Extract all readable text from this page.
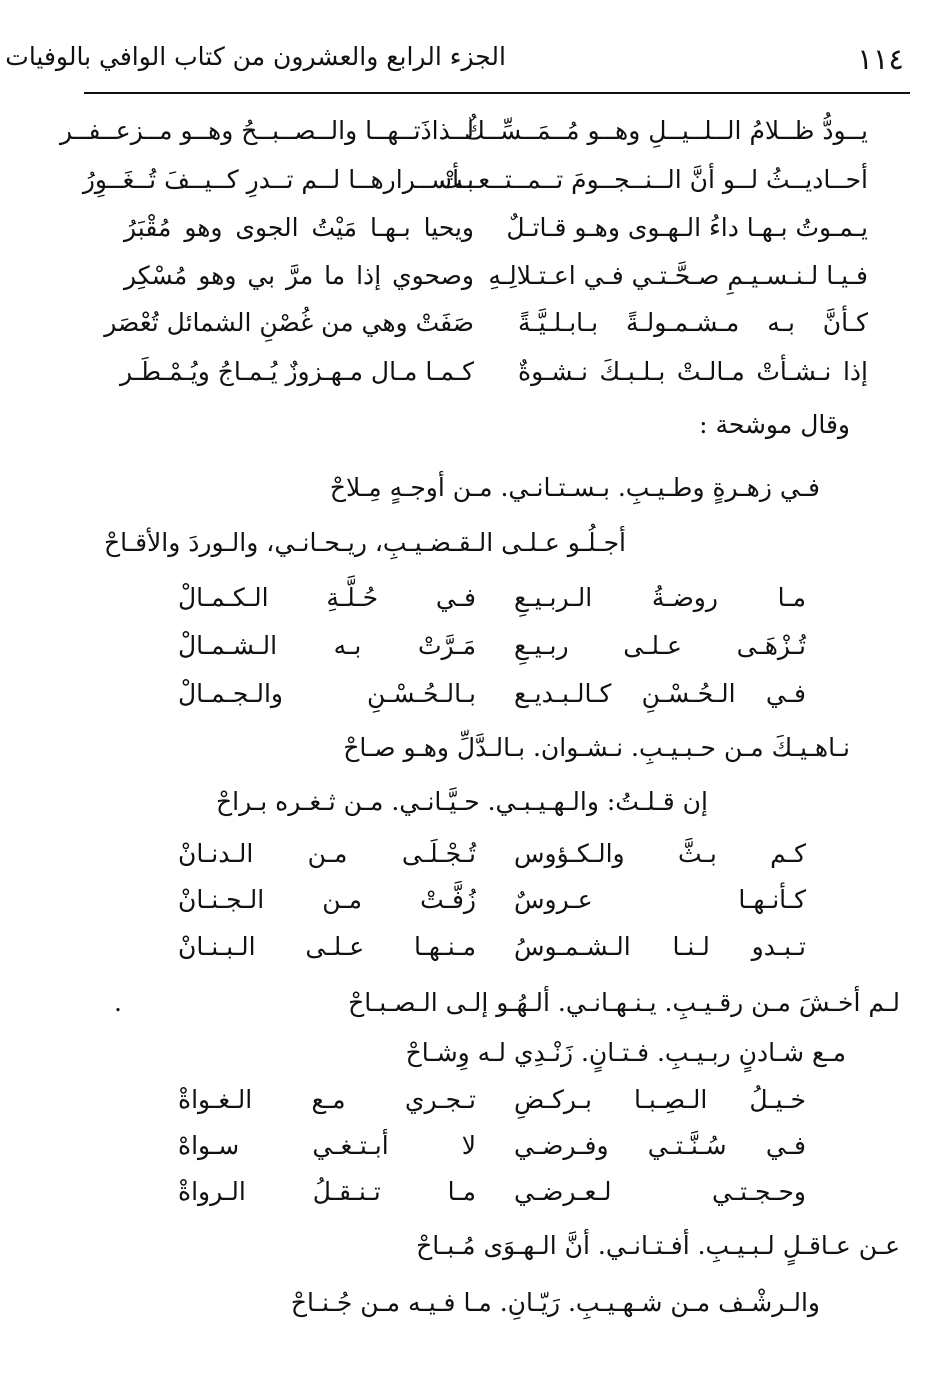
١١٤
الجزء الرابع والعشرون من كتاب الوافي بالوفيات
يــودُّ ظــلامُ الــلــيــلِ وهــو مُــمَــسِّــكٌ
لــذاذَتــهــا والــصــبــحُ وهــو مــزعــفــر
أحــاديــثُ لــو أنَّ الــنــجــومَ تــمــتــعــتْ
بـأســرارهــا لــم تــدرِ كــيــفَ تُــغَــوِرُ
يـمـوتُ بـهـا داءُ الـهـوى وهـو قـاتـلٌ
ويحيا بـهـا مَيْتُ الجوى وهو مُقْبَرُ
فـيـا لـنـسـيـمِ صـحَّـتـي فـي اعـتـلالِـهِ
وصحوي إذا ما مرَّ بي وهو مُسْكِر
كـأنَّ بـه مـشـمـولـةً بـابـلـيَّـةً
صَفَتْ وهي من غُصْنِ الشمائل تُعْصَر
إذا نـشـأتْ مـالـتْ بـلـبـكَ نـشـوةٌ
كـمـا مـال مـهـزوزٌ يُـمـاجُ ويُـمْـطَـر
وقال موشحة :
فـي زهـرةٍ وطـيـبِ. بـسـتـانـي. مـن أوجـهٍ مِـلاحْ
أجـلُـو عـلـى الـقـضـيـبِ، ريـحـانـي، والـوردَ والأقـاحْ
مـا روضـةُ الـربـيـعِ
فـي حُـلَّـةِ الـكـمـالْ
تُـزْهَـى عـلـى ربـيـعِ
مَـرَّتْ بـه الـشـمـالْ
فـي الـحُـسْـنِ كـالـبـديـع
بـالـحُـسْـنِ والـجـمـالْ
نـاهـيـكَ مـن حـبـيـبِ. نـشـوان. بـالـدَّلِّ وهـو صـاحْ
إن قـلـتُ: والـهـيـبـي. حـيَّـانـي. مـن ثـغـره بـراحْ
كـم بـثَّ والـكـؤوس
تُـجْـلَـى مـن الـدنـانْ
كـأنـهـا عـروسٌ
زُفَّـتْ مـن الـجـنـانْ
تـبـدو لـنـا الـشـمـوسُ
مـنـهـا عـلـى الـبـنـانْ
لـم أخـشَ مـن رقـيـبِ. يـنـهـانـي. ألـهُـو إلـى الـصـبـاحْ
.
مـع شـادنٍ ربـيـبِ. فـتـانٍ. زَنْـدِي لـه وِشـاحْ
خـيـلُ الـصِـبـا بـركـضِ
تـجـري مـع الـغـواةْ
فـي سُـنَّـتـي وفـرضـي
لا أبـتـغـي سـواهْ
وحـجـتـي لـعـرضـي
مـا تـنـقـلُ الـرواةْ
عـن عـاقـلٍ لـبـيـبِ. أفـتـانـي. أنَّ الـهـوَى مُـبـاحْ
والـرشْـف مـن شـهـيـبِ. رَيّـانِ. مـا فـيـه مـن جُـنـاحْ
